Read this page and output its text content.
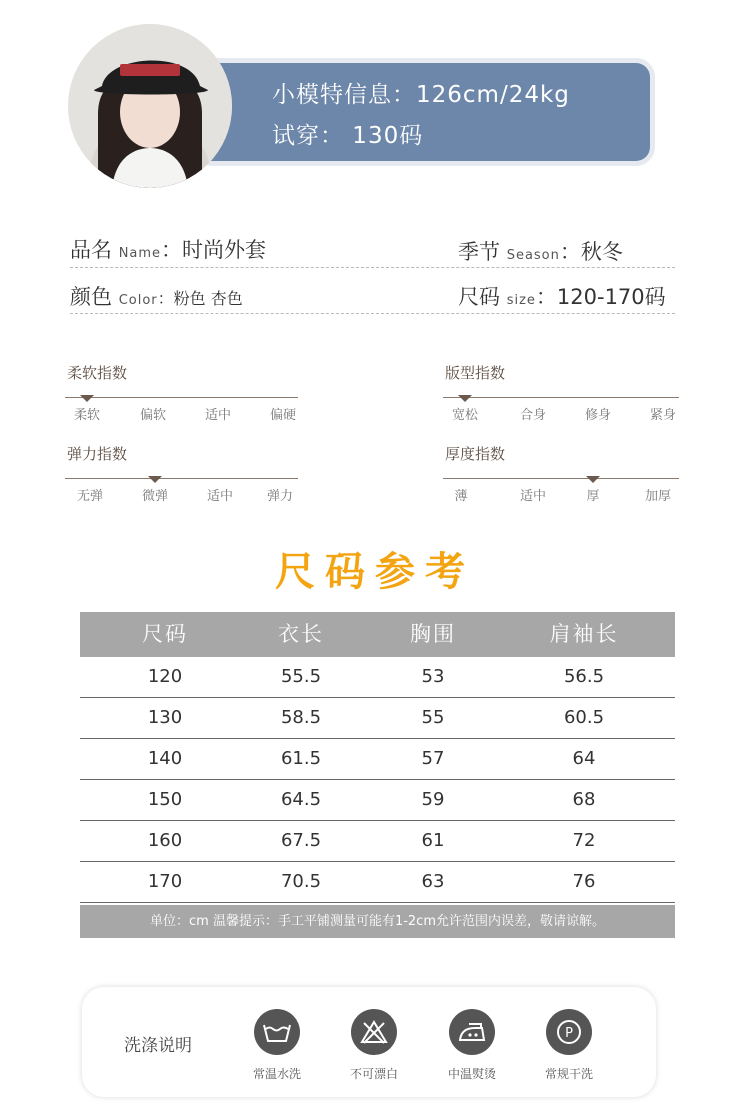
小模特信息：126cm/24kg
试穿： 130码
品名 Name：时尚外套	季节 Season：秋冬
颜色 Color：粉色 杏色	尺码 size：120-170码
柔软指数
柔软	偏软	适中	偏硬
版型指数
宽松	合身	修身	紧身
弹力指数
无弹	微弹	适中	弹力
厚度指数
薄	适中	厚	加厚
尺码参考
尺码	衣长	胸围	肩袖长
120	55.5	53	56.5
130	58.5	55	60.5
140	61.5	57	64
150	64.5	59	68
160	67.5	61	72
170	70.5	63	76
单位：cm 温馨提示：手工平铺测量可能有1-2cm允许范围内误差，敬请谅解。
洗涤说明
常温水洗	不可漂白	中温熨烫
P
常规干洗
